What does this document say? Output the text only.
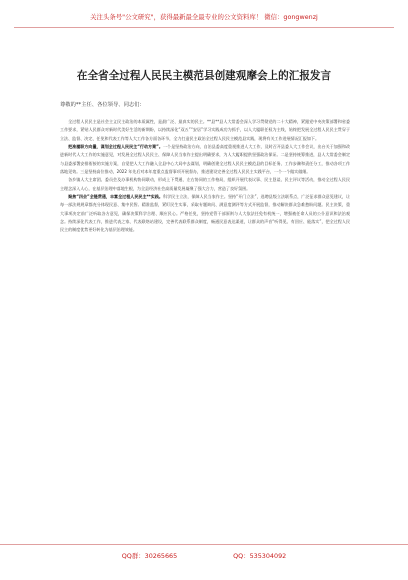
关注头条号"公文研究"，获得最新最全最专业的公文资料库！ 微信：gongwenzj
在全省全过程人民民主模范县创建观摩会上的汇报发言
尊敬的**主任、各位领导、同志们：

全过程人民民主是社会主义民主政治的本质属性，是最广泛、最真实的民主。**县**县人大常委会深入学习贯彻党的二十大精神，紧跟党中央决策部署和省委工作要求，紧贴人民群众对新时代美好生活的新期盼，以持续深化“双五”“安居”学习实践成功为抓手，以人大履职任权为主线，始终把发展全过程人民民主贯穿于立法、监督、决定、任免和代表工作等人大工作各方面各环节，全力打造民主政治全过程人民民主模范县实践，现将有关工作进展情况汇报如下。

把准履职方向量，谋划全过程人民民主“行动方案”。一个是坚持政治方向，自治县委高度重视推进人大工作，及时召开县委人大工作会议，出台关于加强和改进新时代人大工作的实施意见，对发展全过程人民民主、保障人民当家作主提出明确要求，为人大履职提供坚强政治保证。二是坚持统筹推进，县人大常委会制定与县委部署安排衔接的实施方案，自觉把人大工作融入全县中心大局中去谋划，明确创建全过程人民民主模范县的目标任务、工作步骤和责任分工，推动各项工作落地见效。三是坚持高位推动，2022 年先后对本年度重点监督事项开展督办，推进建设完善全过程人民民主实践平台，一个一个做实做细。

各乡镇人大主席团、委员会及办事机构协同联动，形成上下贯通、左右协同的工作格局，组织开展代表议事、民主恳谈、民主评议等活动，推动全过程人民民主理念深入人心，在基层治理中落地生根，为全县经济社会高质量发展凝聚了强大合力，营造了良好氛围。

聚焦“四会”全链贯通，丰富全过程人民民主**实践。科学民主立法，保障人民当家作主。坚持“开门立法”，选聘县级立法联系点，广泛征求群众意见建议，让每一部法规规章都充分体现民意、集中民智。精准监督，紧盯民生实事，采取专题询问、满意度测评等方式开展监督，推动解决群众急难愁盼问题。民主决策，重大事项决定前广泛听取各方意见，确保决策科学合理、顺应民心。严格任免，坚持党管干部原则与人大依法任免有机统一，增强被任命人员的公仆意识和法治观念。持续深化代表工作，推进代表之家、代表联络站建设，完善代表联系群众制度，畅通民意表达渠道，让群众的声音“听得见、有回应、能落实”，把全过程人民民主的制度优势更好转化为基层治理效能。

QQ群：30265665	QQ：535304092
